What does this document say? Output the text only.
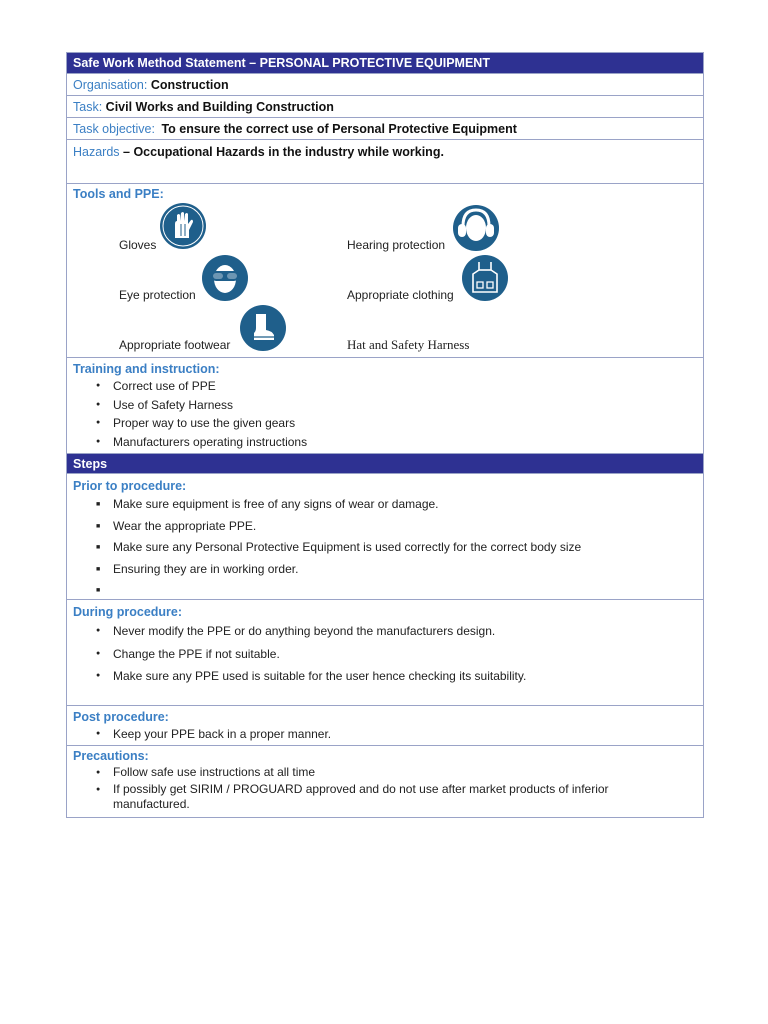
Safe Work Method Statement – PERSONAL PROTECTIVE EQUIPMENT
Organisation: Construction
Task: Civil Works and Building Construction
Task objective: To ensure the correct use of Personal Protective Equipment
Hazards – Occupational Hazards in the industry while working.
Tools and PPE:
Gloves	Hearing protection
Eye protection	Appropriate clothing
Appropriate footwear	Hat and Safety Harness
Training and instruction:
● Correct use of PPE
● Use of Safety Harness
● Proper way to use the given gears
● Manufacturers operating instructions
Steps
Prior to procedure:
■ Make sure equipment is free of any signs of wear or damage.
■ Wear the appropriate PPE.
■ Make sure any Personal Protective Equipment is used correctly for the correct body size
■ Ensuring they are in working order.
■
During procedure:
● Never modify the PPE or do anything beyond the manufacturers design.
● Change the PPE if not suitable.
● Make sure any PPE used is suitable for the user hence checking its suitability.
Post procedure:
● Keep your PPE back in a proper manner.
Precautions:
● Follow safe use instructions at all time
● If possibly get SIRIM / PROGUARD approved and do not use after market products of inferior manufactured.
